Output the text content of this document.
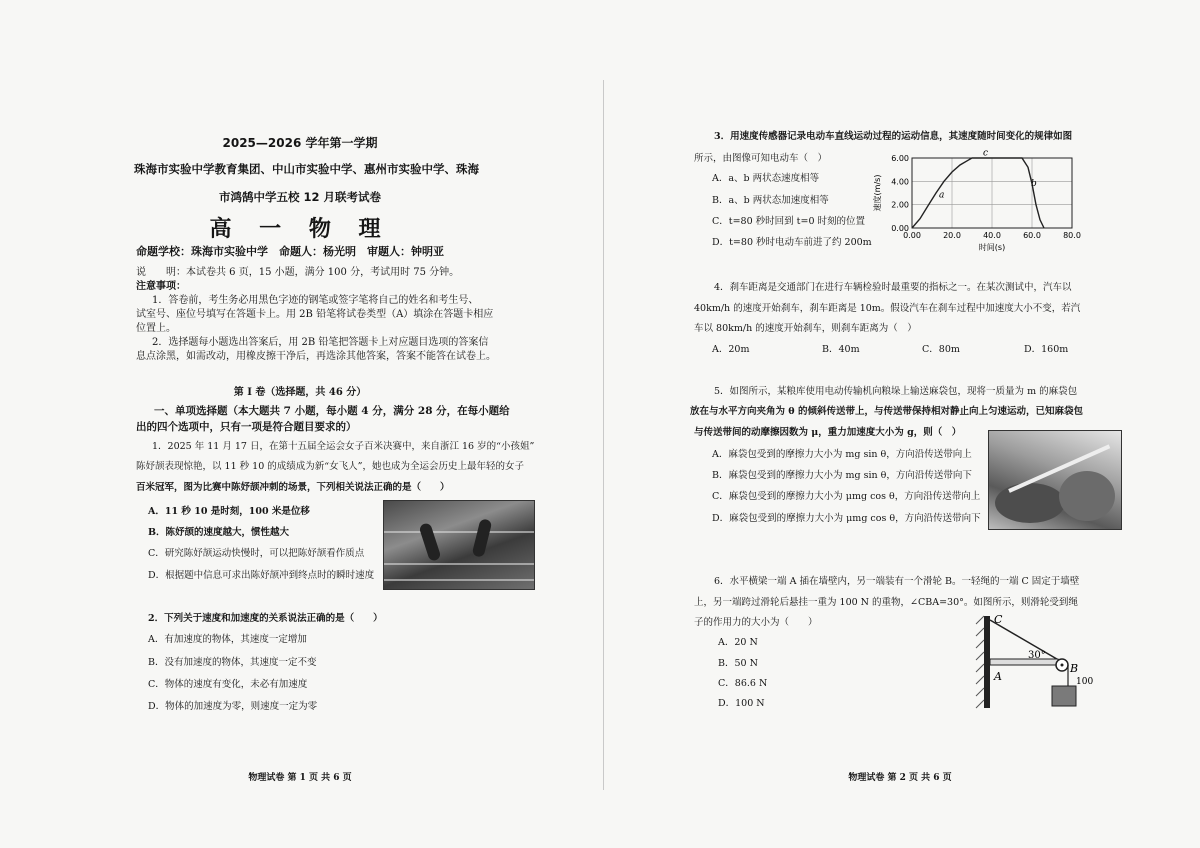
2025—2026 学年第一学期
珠海市实验中学教育集团、中山市实验中学、惠州市实验中学、珠海
市鸿鹄中学五校 12 月联考试卷
高 一 物 理
命题学校：珠海市实验中学　命题人：杨光明　审题人：钟明亚
说　　明：本试卷共 6 页，15 小题，满分 100 分，考试用时 75 分钟。
注意事项：
1．答卷前，考生务必用黑色字迹的钢笔或签字笔将自己的姓名和考生号、
试室号、座位号填写在答题卡上。用 2B 铅笔将试卷类型（A）填涂在答题卡相应
位置上。
2．选择题每小题选出答案后，用 2B 铅笔把答题卡上对应题目选项的答案信
息点涂黑，如需改动，用橡皮擦干净后，再选涂其他答案，答案不能答在试卷上。
第 I 卷（选择题，共 46 分）
一、单项选择题（本大题共 7 小题，每小题 4 分，满分 28 分，在每小题给
出的四个选项中，只有一项是符合题目要求的）
1．2025 年 11 月 17 日，在第十五届全运会女子百米决赛中，来自浙江 16 岁的“小孩姐”
陈妤颉表现惊艳，以 11 秒 10 的成绩成为新“女飞人”，她也成为全运会历史上最年轻的女子
百米冠军，图为比赛中陈妤颉冲刺的场景，下列相关说法正确的是（　　）
A．11 秒 10 是时刻，100 米是位移
B．陈妤颉的速度越大，惯性越大
C．研究陈妤颉运动快慢时，可以把陈妤颉看作质点
D．根据题中信息可求出陈妤颉冲到终点时的瞬时速度
2．下列关于速度和加速度的关系说法正确的是（　　）
A．有加速度的物体，其速度一定增加
B．没有加速度的物体，其速度一定不变
C．物体的速度有变化，未必有加速度
D．物体的加速度为零，则速度一定为零
物理试卷 第 1 页 共 6 页
3．用速度传感器记录电动车直线运动过程的运动信息，其速度随时间变化的规律如图
所示，由图像可知电动车（　）
A．a、b 两状态速度相等
B．a、b 两状态加速度相等
C．t=80 秒时回到 t=0 时刻的位置
D．t=80 秒时电动车前进了约 200m
0.00	20.0	40.0	60.0	80.0
0.00
2.00
4.00
6.00
a
b
c
时间(s)
速度(m/s)
4．刹车距离是交通部门在进行车辆检验时最重要的指标之一。在某次测试中，汽车以
40km/h 的速度开始刹车，刹车距离是 10m。假设汽车在刹车过程中加速度大小不变，若汽
车以 80km/h 的速度开始刹车，则刹车距离为（　）
A．20m	B．40m	C．80m	D．160m
5．如图所示，某粮库使用电动传输机向粮垛上输送麻袋包，现将一质量为 m 的麻袋包
放在与水平方向夹角为 θ 的倾斜传送带上，与传送带保持相对静止向上匀速运动，已知麻袋包
与传送带间的动摩擦因数为 μ，重力加速度大小为 g，则（　）
A．麻袋包受到的摩擦力大小为 mg sin θ，方向沿传送带向上
B．麻袋包受到的摩擦力大小为 mg sin θ，方向沿传送带向下
C．麻袋包受到的摩擦力大小为 μmg cos θ，方向沿传送带向上
D．麻袋包受到的摩擦力大小为 μmg cos θ，方向沿传送带向下
6．水平横梁一端 A 插在墙壁内，另一端装有一个滑轮 B。一轻绳的一端 C 固定于墙壁
上，另一端跨过滑轮后悬挂一重为 100 N 的重物，∠CBA=30°。如图所示，则滑轮受到绳
子的作用力的大小为（　　）
A．20 N
B．50 N
C．86.6 N
D．100 N
C
B
A
30°
100
物理试卷 第 2 页 共 6 页
